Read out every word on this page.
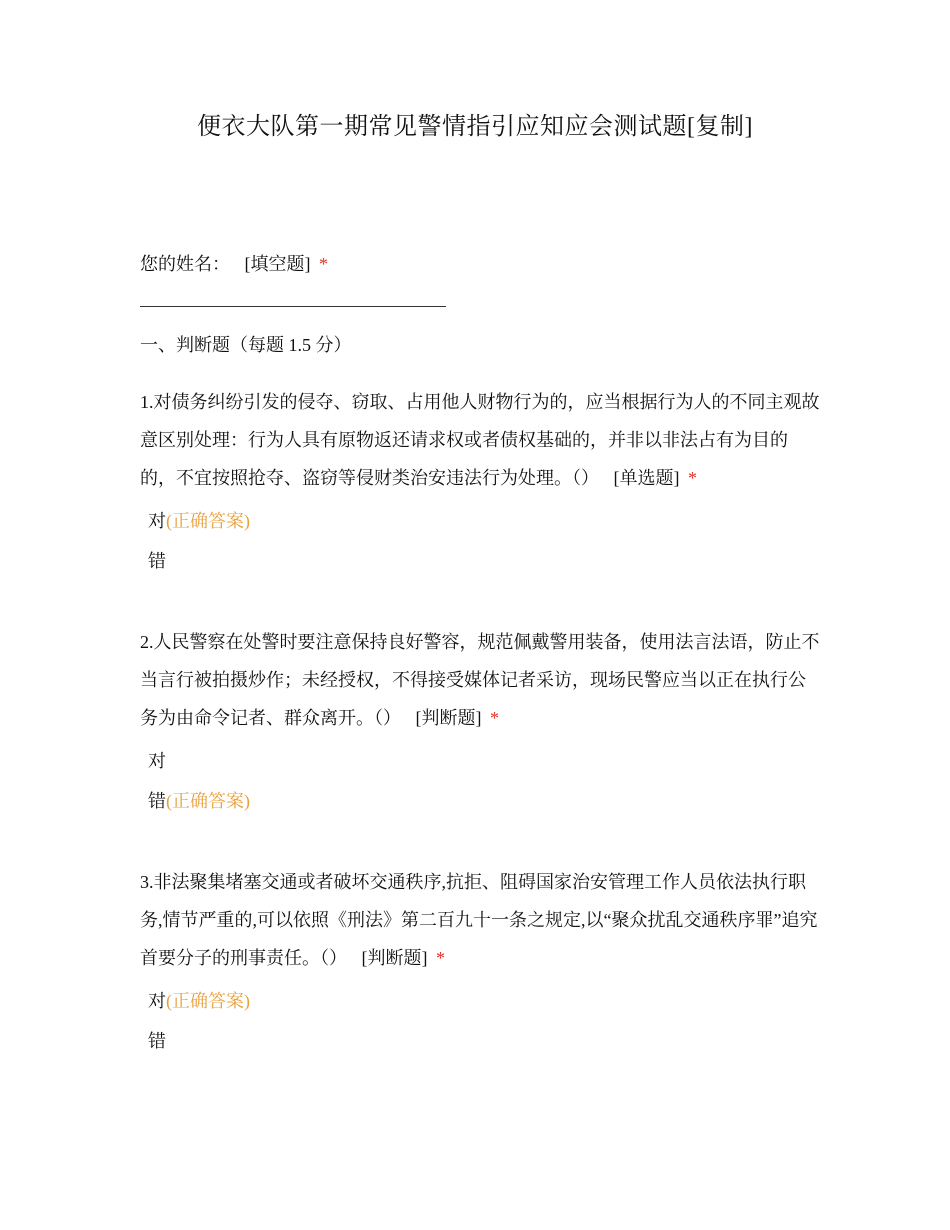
便衣大队第一期常见警情指引应知应会测试题[复制]
您的姓名： [填空题] *
一、判断题（每题 1.5 分）
1.对债务纠纷引发的侵夺、窃取、占用他人财物行为的，应当根据行为人的不同主观故意区别处理：行为人具有原物返还请求权或者债权基础的，并非以非法占有为目的的，不宜按照抢夺、盗窃等侵财类治安违法行为处理。（） [单选题] *
对(正确答案)
错
2.人民警察在处警时要注意保持良好警容，规范佩戴警用装备，使用法言法语，防止不当言行被拍摄炒作；未经授权，不得接受媒体记者采访，现场民警应当以正在执行公务为由命令记者、群众离开。（） [判断题] *
对
错(正确答案)
3.非法聚集堵塞交通或者破坏交通秩序,抗拒、阻碍国家治安管理工作人员依法执行职务,情节严重的,可以依照《刑法》第二百九十一条之规定,以“聚众扰乱交通秩序罪”追究首要分子的刑事责任。（） [判断题] *
对(正确答案)
错
